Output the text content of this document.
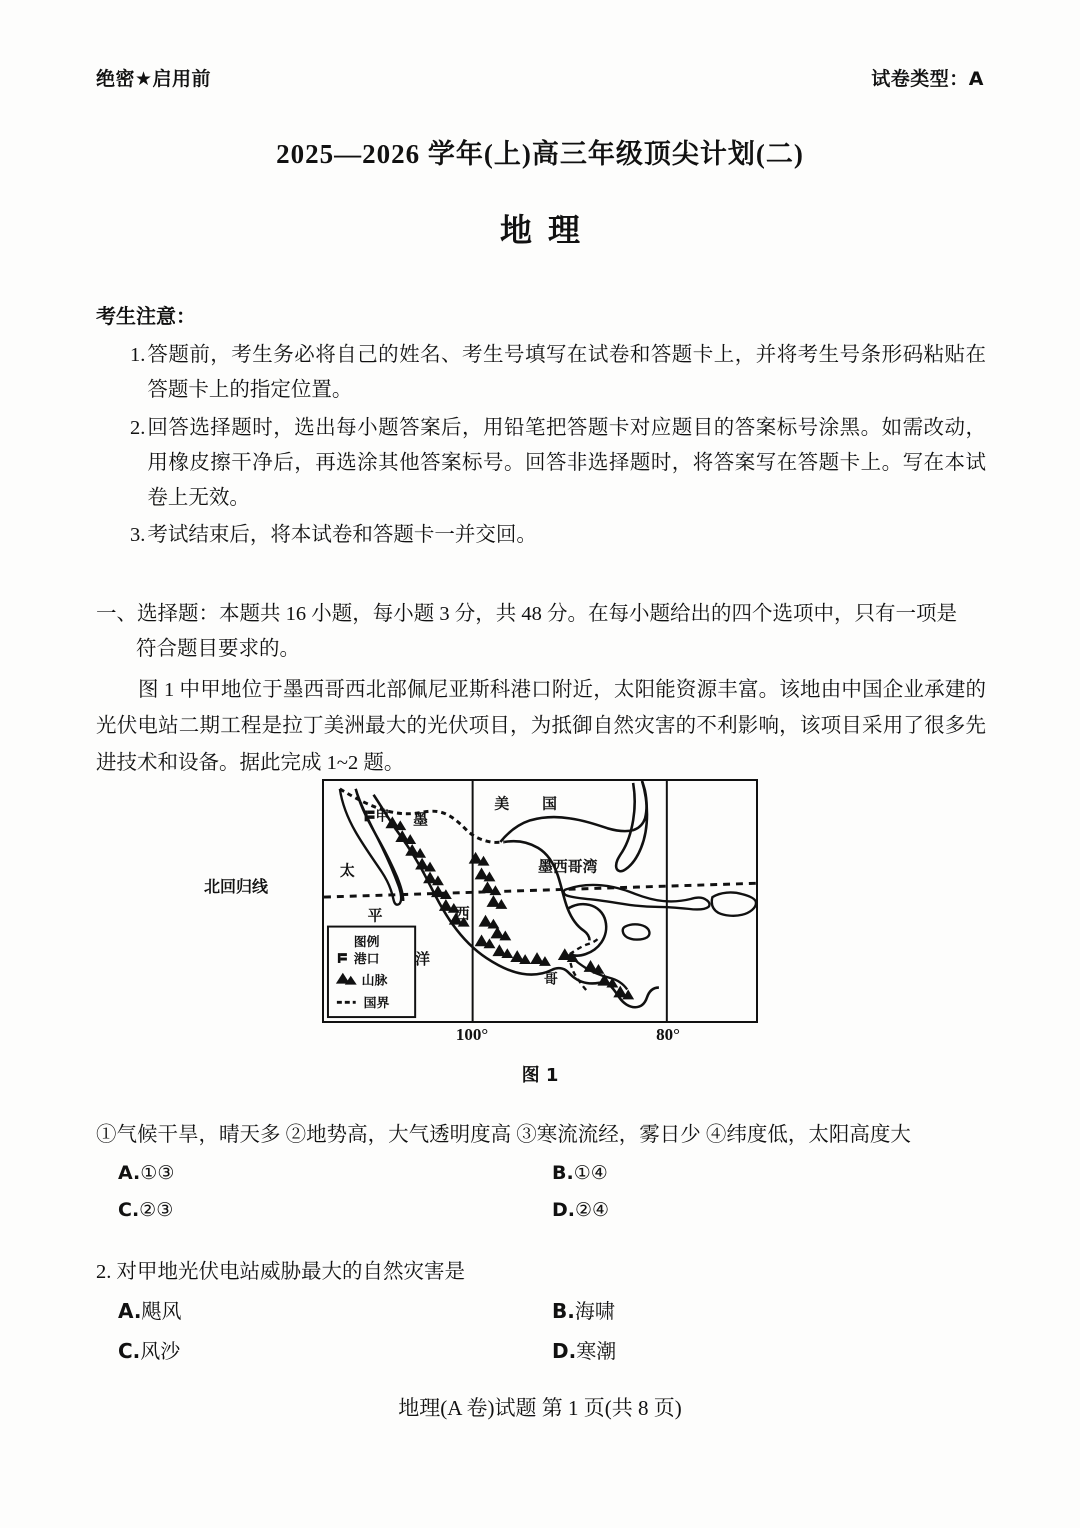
绝密★启用前	试卷类型：A
2025—2026 学年(上)高三年级顶尖计划(二)
地理
考生注意：
1. 答题前，考生务必将自己的姓名、考生号填写在试卷和答题卡上，并将考生号条形码粘贴在答题卡上的指定位置。
2. 回答选择题时，选出每小题答案后，用铅笔把答题卡对应题目的答案标号涂黑。如需改动，用橡皮擦干净后，再选涂其他答案标号。回答非选择题时，将答案写在答题卡上。写在本试卷上无效。
3. 考试结束后，将本试卷和答题卡一并交回。
一、选择题：本题共 16 小题，每小题 3 分，共 48 分。在每小题给出的四个选项中，只有一项是
符合题目要求的。
图 1 中甲地位于墨西哥西北部佩尼亚斯科港口附近，太阳能资源丰富。该地由中国企业承建的光伏电站二期工程是拉丁美洲最大的光伏项目，为抵御自然灾害的不利影响，该项目采用了很多先进技术和设备。据此完成 1~2 题。
北回归线
甲
太
平
洋
墨
西
哥
美 国
墨西哥湾
图例
港口
山脉
国界
100°	80°
图 1
①气候干旱，晴天多 ②地势高，大气透明度高 ③寒流流经，雾日少 ④纬度低，太阳高度大
A.①③	B.①④
C.②③	D.②④
2. 对甲地光伏电站威胁最大的自然灾害是
A.飓风	B.海啸
C.风沙	D.寒潮
地理(A 卷)试题 第 1 页(共 8 页)
